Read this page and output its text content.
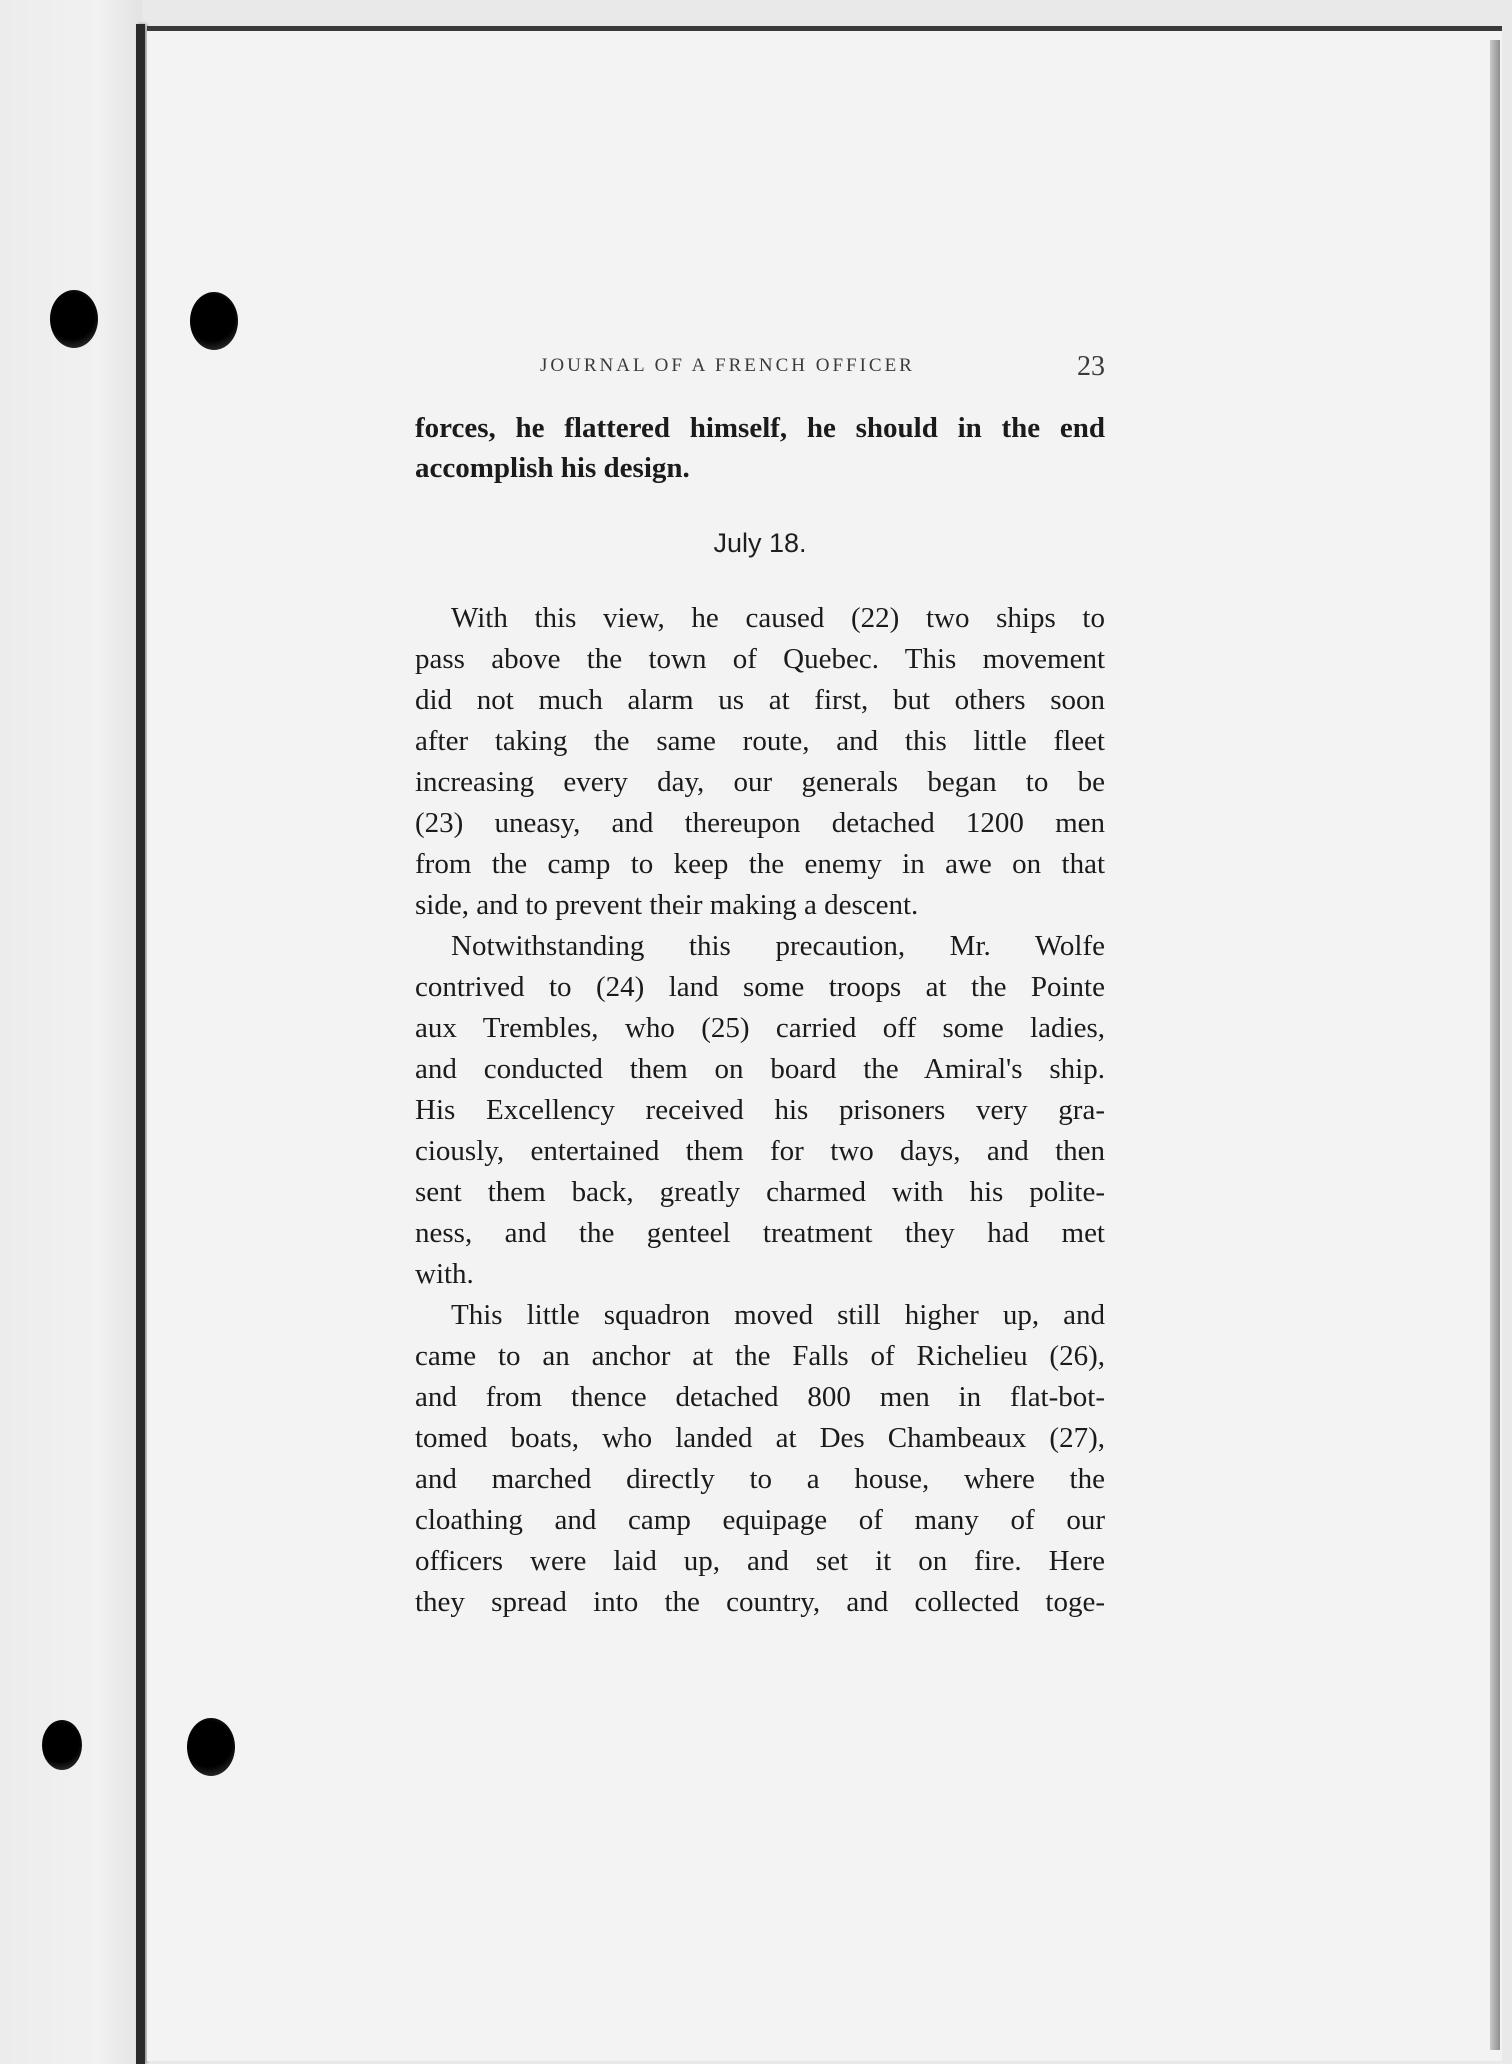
JOURNAL OF A FRENCH OFFICER	23
forces, he flattered himself, he should in the end
accomplish his design.
July 18.
With this view, he caused (22) two ships to
pass above the town of Quebec. This movement
did not much alarm us at first, but others soon
after taking the same route, and this little fleet
increasing every day, our generals began to be
(23) uneasy, and thereupon detached 1200 men
from the camp to keep the enemy in awe on that
side, and to prevent their making a descent.
Notwithstanding this precaution, Mr. Wolfe
contrived to (24) land some troops at the Pointe
aux Trembles, who (25) carried off some ladies,
and conducted them on board the Amiral's ship.
His Excellency received his prisoners very gra-
ciously, entertained them for two days, and then
sent them back, greatly charmed with his polite-
ness, and the genteel treatment they had met
with.
This little squadron moved still higher up, and
came to an anchor at the Falls of Richelieu (26),
and from thence detached 800 men in flat-bot-
tomed boats, who landed at Des Chambeaux (27),
and marched directly to a house, where the
cloathing and camp equipage of many of our
officers were laid up, and set it on fire. Here
they spread into the country, and collected toge-
